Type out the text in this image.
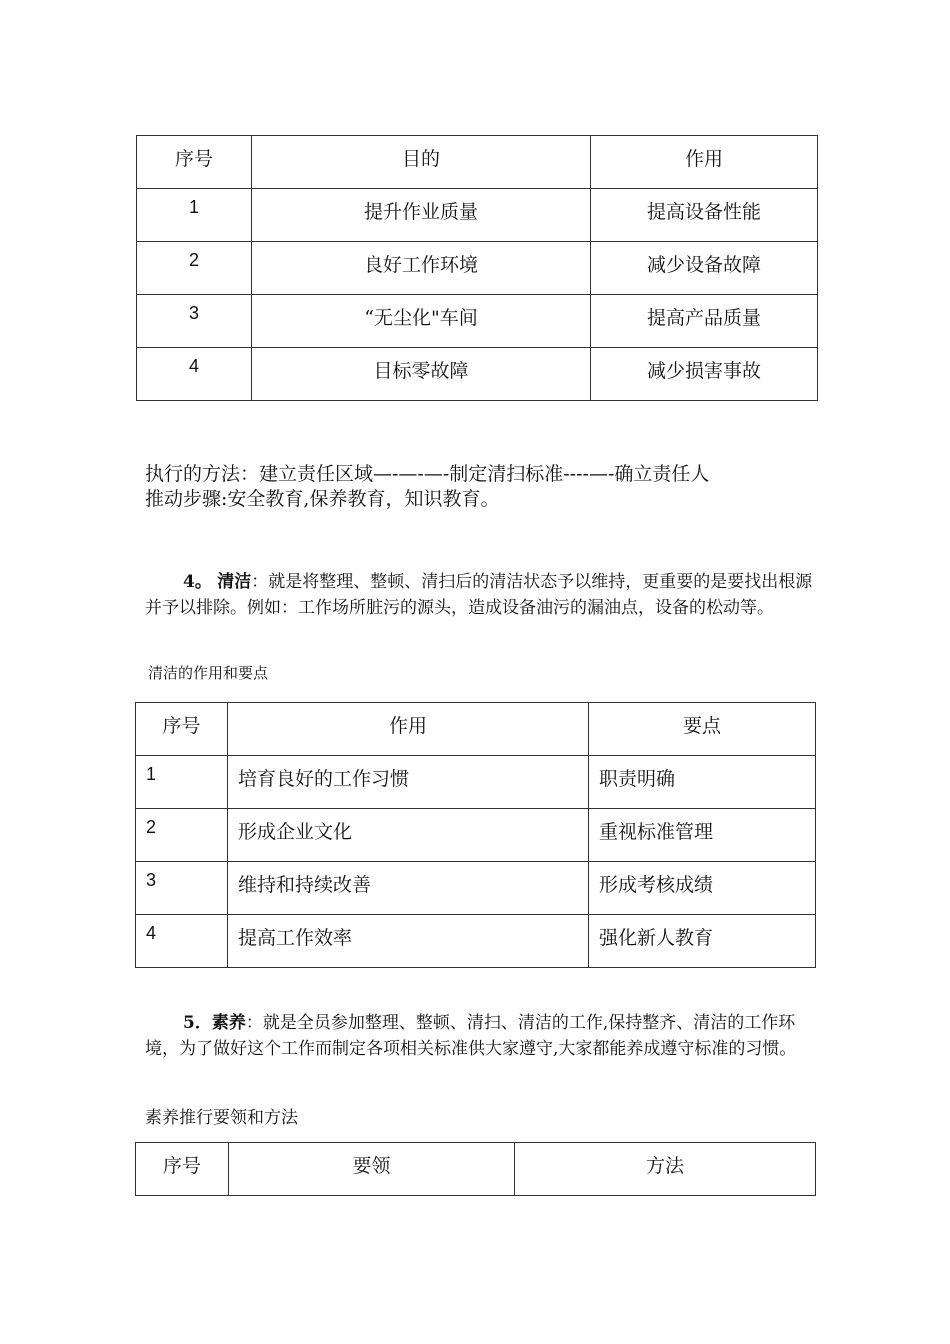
序号	目的	作用

1	提升作业质量	提高设备性能

2	良好工作环境	减少设备故障

3	“无尘化"车间	提高产品质量

4	目标零故障	减少损害事故
执行的方法：建立责任区域—-—-—-制定清扫标准----—-确立责任人
推动步骤:安全教育,保养教育，知识教育。
4。 清洁：就是将整理、整顿、清扫后的清洁状态予以维持，更重要的是要找出根源并予以排除。例如：工作场所脏污的源头，造成设备油污的漏油点，设备的松动等。
清洁的作用和要点
序号	作用	要点

1	培育良好的工作习惯	职责明确

2	形成企业文化	重视标准管理

3	维持和持续改善	形成考核成绩

4	提高工作效率	强化新人教育
5．素养：就是全员参加整理、整顿、清扫、清洁的工作,保持整齐、清洁的工作环境，为了做好这个工作而制定各项相关标准供大家遵守,大家都能养成遵守标准的习惯。
素养推行要领和方法
序号	要领	方法
